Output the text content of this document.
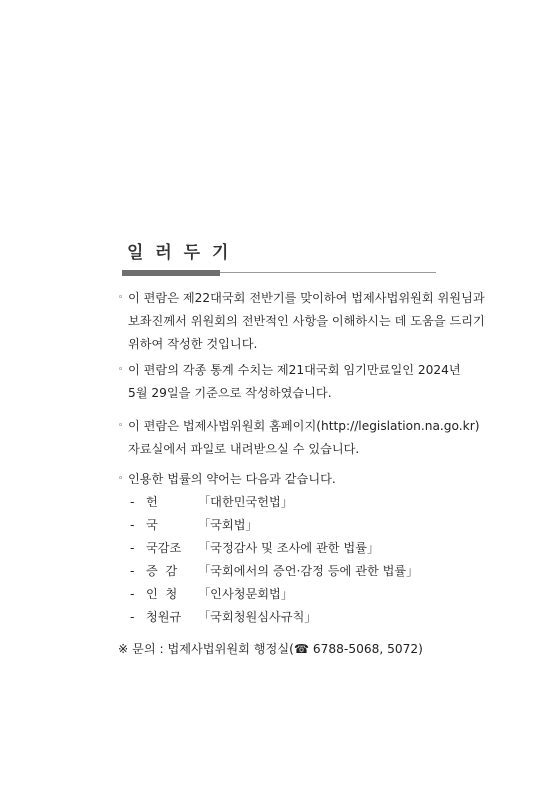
일 러 두 기
◦ 이 편람은 제22대국회 전반기를 맞이하여 법제사법위원회 위원님과
보좌진께서 위원회의 전반적인 사항을 이해하시는 데 도움을 드리기
위하여 작성한 것입니다.
◦ 이 편람의 각종 통계 수치는 제21대국회 임기만료일인 2024년
5월 29일을 기준으로 작성하였습니다.
◦ 이 편람은 법제사법위원회 홈페이지(http://legislation.na.go.kr)
자료실에서 파일로 내려받으실 수 있습니다.
◦ 인용한 법률의 약어는 다음과 같습니다.
- 헌	「대한민국헌법」
- 국	「국회법」
- 국감조 「국정감사 및 조사에 관한 법률」
- 증  감 「국회에서의 증언·감정 등에 관한 법률」
- 인  청 「인사청문회법」
- 청원규 「국회청원심사규칙」
※ 문의 : 법제사법위원회 행정실(☎ 6788-5068, 5072)
